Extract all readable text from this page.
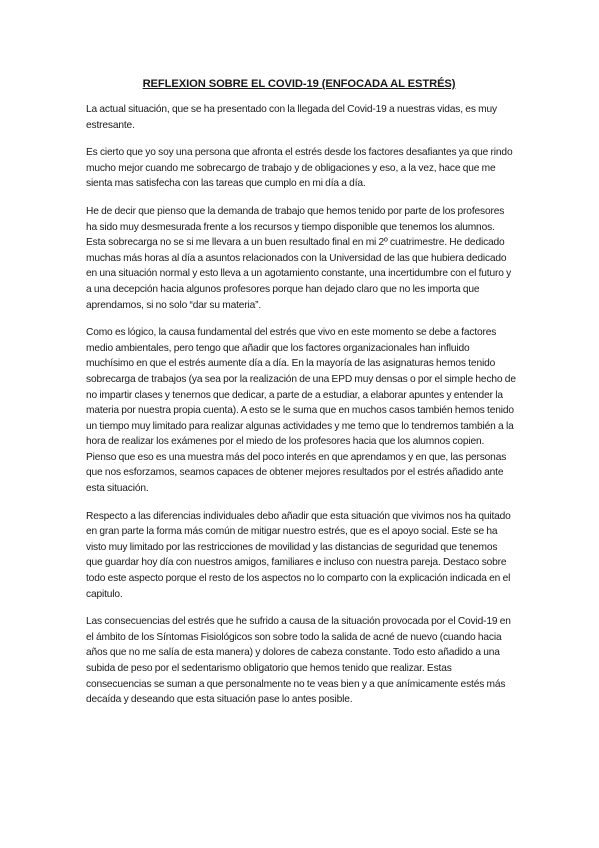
REFLEXION SOBRE EL COVID-19 (ENFOCADA AL ESTRÉS)

La actual situación, que se ha presentado con la llegada del Covid-19 a nuestras vidas, es muy estresante.

Es cierto que yo soy una persona que afronta el estrés desde los factores desafiantes ya que rindo mucho mejor cuando me sobrecargo de trabajo y de obligaciones y eso, a la vez, hace que me sienta mas satisfecha con las tareas que cumplo en mi día a día.

He de decir que pienso que la demanda de trabajo que hemos tenido por parte de los profesores ha sido muy desmesurada frente a los recursos y tiempo disponible que tenemos los alumnos. Esta sobrecarga no se si me llevara a un buen resultado final en mi 2º cuatrimestre. He dedicado muchas más horas al día a asuntos relacionados con la Universidad de las que hubiera dedicado en una situación normal y esto lleva a un agotamiento constante, una incertidumbre con el futuro y a una decepción hacia algunos profesores porque han dejado claro que no les importa que aprendamos, si no solo “dar su materia”.

Como es lógico, la causa fundamental del estrés que vivo en este momento se debe a factores medio ambientales, pero tengo que añadir que los factores organizacionales han influido muchísimo en que el estrés aumente día a día. En la mayoría de las asignaturas hemos tenido sobrecarga de trabajos (ya sea por la realización de una EPD muy densas o por el simple hecho de no impartir clases y tenernos que dedicar, a parte de a estudiar, a elaborar apuntes y entender la materia por nuestra propia cuenta). A esto se le suma que en muchos casos también hemos tenido un tiempo muy limitado para realizar algunas actividades y me temo que lo tendremos también a la hora de realizar los exámenes por el miedo de los profesores hacia que los alumnos copien. Pienso que eso es una muestra más del poco interés en que aprendamos y en que, las personas que nos esforzamos, seamos capaces de obtener mejores resultados por el estrés añadido ante esta situación.

Respecto a las diferencias individuales debo añadir que esta situación que vivimos nos ha quitado en gran parte la forma más común de mitigar nuestro estrés, que es el apoyo social. Este se ha visto muy limitado por las restricciones de movilidad y las distancias de seguridad que tenemos que guardar hoy día con nuestros amigos, familiares e incluso con nuestra pareja. Destaco sobre todo este aspecto porque el resto de los aspectos no lo comparto con la explicación indicada en el capitulo.

Las consecuencias del estrés que he sufrido a causa de la situación provocada por el Covid-19 en el ámbito de los Síntomas Fisiológicos son sobre todo la salida de acné de nuevo (cuando hacia años que no me salía de esta manera) y dolores de cabeza constante. Todo esto añadido a una subida de peso por el sedentarismo obligatorio que hemos tenido que realizar. Estas consecuencias se suman a que personalmente no te veas bien y a que anímicamente estés más decaída y deseando que esta situación pase lo antes posible.
